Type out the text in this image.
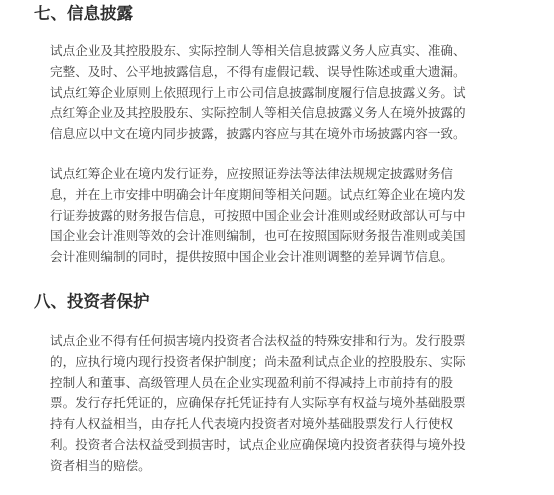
七、信息披露
试点企业及其控股股东、实际控制人等相关信息披露义务人应真实、准确、
完整、及时、公平地披露信息，不得有虚假记载、误导性陈述或重大遗漏。
试点红筹企业原则上依照现行上市公司信息披露制度履行信息披露义务。试
点红筹企业及其控股股东、实际控制人等相关信息披露义务人在境外披露的
信息应以中文在境内同步披露，披露内容应与其在境外市场披露内容一致。
试点红筹企业在境内发行证券，应按照证券法等法律法规规定披露财务信
息，并在上市安排中明确会计年度期间等相关问题。试点红筹企业在境内发
行证券披露的财务报告信息，可按照中国企业会计准则或经财政部认可与中
国企业会计准则等效的会计准则编制，也可在按照国际财务报告准则或美国
会计准则编制的同时，提供按照中国企业会计准则调整的差异调节信息。
八、投资者保护
试点企业不得有任何损害境内投资者合法权益的特殊安排和行为。发行股票
的，应执行境内现行投资者保护制度；尚未盈利试点企业的控股股东、实际
控制人和董事、高级管理人员在企业实现盈利前不得减持上市前持有的股
票。发行存托凭证的，应确保存托凭证持有人实际享有权益与境外基础股票
持有人权益相当，由存托人代表境内投资者对境外基础股票发行人行使权
利。投资者合法权益受到损害时，试点企业应确保境内投资者获得与境外投
资者相当的赔偿。
